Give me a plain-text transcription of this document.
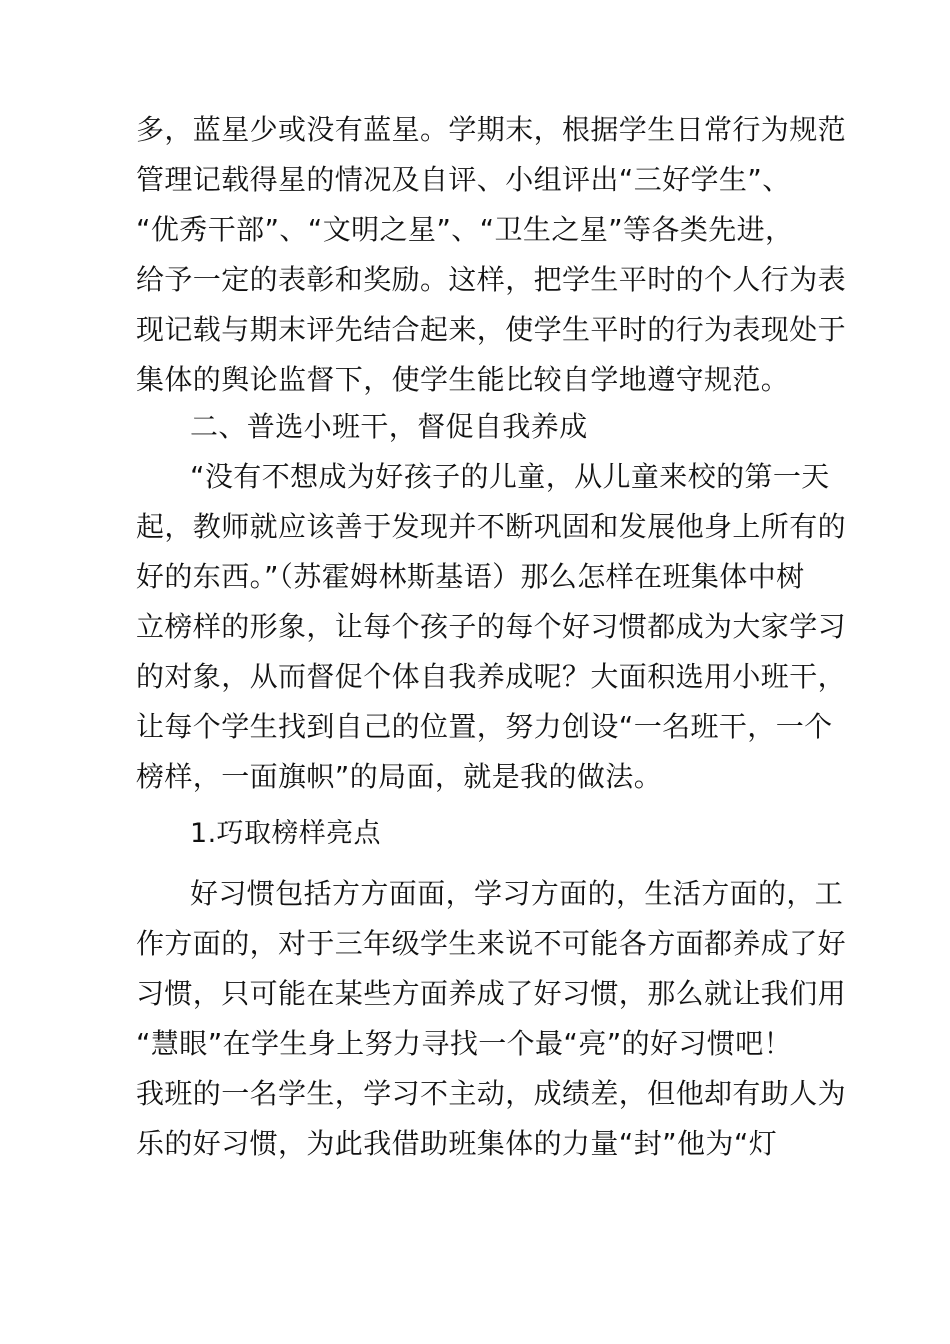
多，蓝星少或没有蓝星。学期末，根据学生日常行为规范
管理记载得星的情况及自评、小组评出“三好学生”、
“优秀干部”、“文明之星”、“卫生之星”等各类先进，
给予一定的表彰和奖励。这样，把学生平时的个人行为表
现记载与期末评先结合起来，使学生平时的行为表现处于
集体的舆论监督下，使学生能比较自学地遵守规范。
二、普选小班干，督促自我养成
“没有不想成为好孩子的儿童，从儿童来校的第一天
起，教师就应该善于发现并不断巩固和发展他身上所有的
好的东西。”（苏霍姆林斯基语）那么怎样在班集体中树
立榜样的形象，让每个孩子的每个好习惯都成为大家学习
的对象，从而督促个体自我养成呢？大面积选用小班干，
让每个学生找到自己的位置，努力创设“一名班干，一个
榜样，一面旗帜”的局面，就是我的做法。
1.巧取榜样亮点
好习惯包括方方面面，学习方面的，生活方面的，工
作方面的，对于三年级学生来说不可能各方面都养成了好
习惯，只可能在某些方面养成了好习惯，那么就让我们用
“慧眼”在学生身上努力寻找一个最“亮”的好习惯吧！
我班的一名学生，学习不主动，成绩差，但他却有助人为
乐的好习惯，为此我借助班集体的力量“封”他为“灯
